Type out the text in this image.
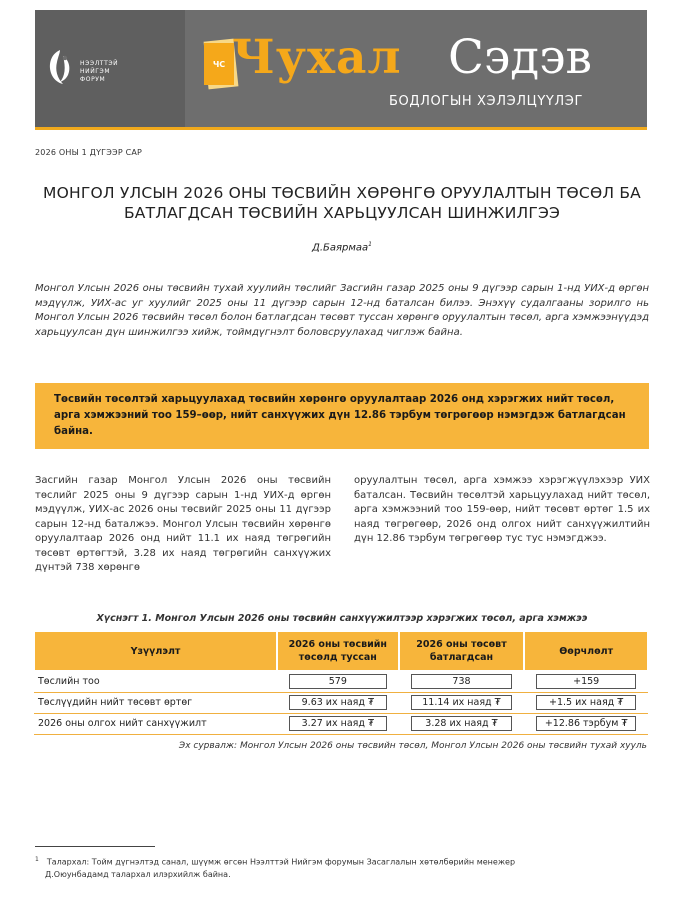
НЭЭЛТТЭЙ
НИЙГЭМ
ФОРУМ
ЧС Чухал Сэдэв
БОДЛОГЫН ХЭЛЭЛЦҮҮЛЭГ
2026 ОНЫ 1 ДҮГЭЭР САР
МОНГОЛ УЛСЫН 2026 ОНЫ ТӨСВИЙН ХӨРӨНГӨ ОРУУЛАЛТЫН ТӨСӨЛ БА
БАТЛАГДСАН ТӨСВИЙН ХАРЬЦУУЛСАН ШИНЖИЛГЭЭ
Д.Баярмаа$^1$
Монгол Улсын 2026 оны төсвийн тухай хуулийн төслийг Засгийн газар 2025 оны 9 дүгээр сарын 1-нд УИХ-д өргөн мэдүүлж, УИХ-ас уг хуулийг 2025 оны 11 дүгээр сарын 12-нд баталсан билээ. Энэхүү судалгааны зорилго нь Монгол Улсын 2026 төсвийн төсөл болон батлагдсан төсөвт туссан хөрөнгө оруулалтын төсөл, арга хэмжээнүүдэд харьцуулсан дүн шинжилгээ хийж, тоймдүгнэлт боловсруулахад чиглэж байна.
Төсвийн төсөлтэй харьцуулахад төсвийн хөрөнгө оруулалтаар 2026 онд хэрэгжих нийт төсөл, арга хэмжээний тоо 159–өөр, нийт санхүүжих дүн 12.86 тэрбум төгрөгөөр нэмэгдэж батлагдсан байна.
Засгийн газар Монгол Улсын 2026 оны төсвийн төслийг 2025 оны 9 дүгээр сарын 1-нд УИХ-д өргөн мэдүүлж, УИХ-ас 2026 оны төсвийг 2025 оны 11 дүгээр сарын 12-нд баталжээ. Монгол Улсын төсвийн хөрөнгө оруулалтаар 2026 онд нийт 11.1 их наяд төгрөгийн төсөвт өртөгтэй, 3.28 их наяд төгрөгийн санхүүжих дүнтэй 738 хөрөнгө
оруулалтын төсөл, арга хэмжээ хэрэгжүүлэхээр УИХ баталсан. Төсвийн төсөлтэй харьцуулахад нийт төсөл, арга хэмжээний тоо 159-өөр, нийт төсөвт өртөг 1.5 их наяд төгрөгөөр, 2026 онд олгох нийт санхүүжилтийн дүн 12.86 тэрбум төгрөгөөр тус тус нэмэгджээ.
Хүснэгт 1. Монгол Улсын 2026 оны төсвийн санхүүжилтээр хэрэгжих төсөл, арга хэмжээ
Үзүүлэлт	2026 оны төсвийн төсөлд туссан	2026 оны төсөвт батлагдсан	Өөрчлөлт
Төслийн тоо	579	738	+159

Төслүүдийн нийт төсөвт өртөг	9.63 их наяд ₮	11.14 их наяд ₮	+1.5 их наяд ₮

2026 оны олгох нийт санхүүжилт	3.27 их наяд ₮	3.28 их наяд ₮	+12.86 тэрбум ₮
Эх сурвалж: Монгол Улсын 2026 оны төсвийн төсөл, Монгол Улсын 2026 оны төсвийн тухай хууль
$^1$ Талархал: Тойм дүгнэлтэд санал, шүүмж өгсөн Нээлттэй Нийгэм форумын Засаглалын хөтөлбөрийн менежер
Д.Оюунбадамд талархал илэрхийлж байна.
